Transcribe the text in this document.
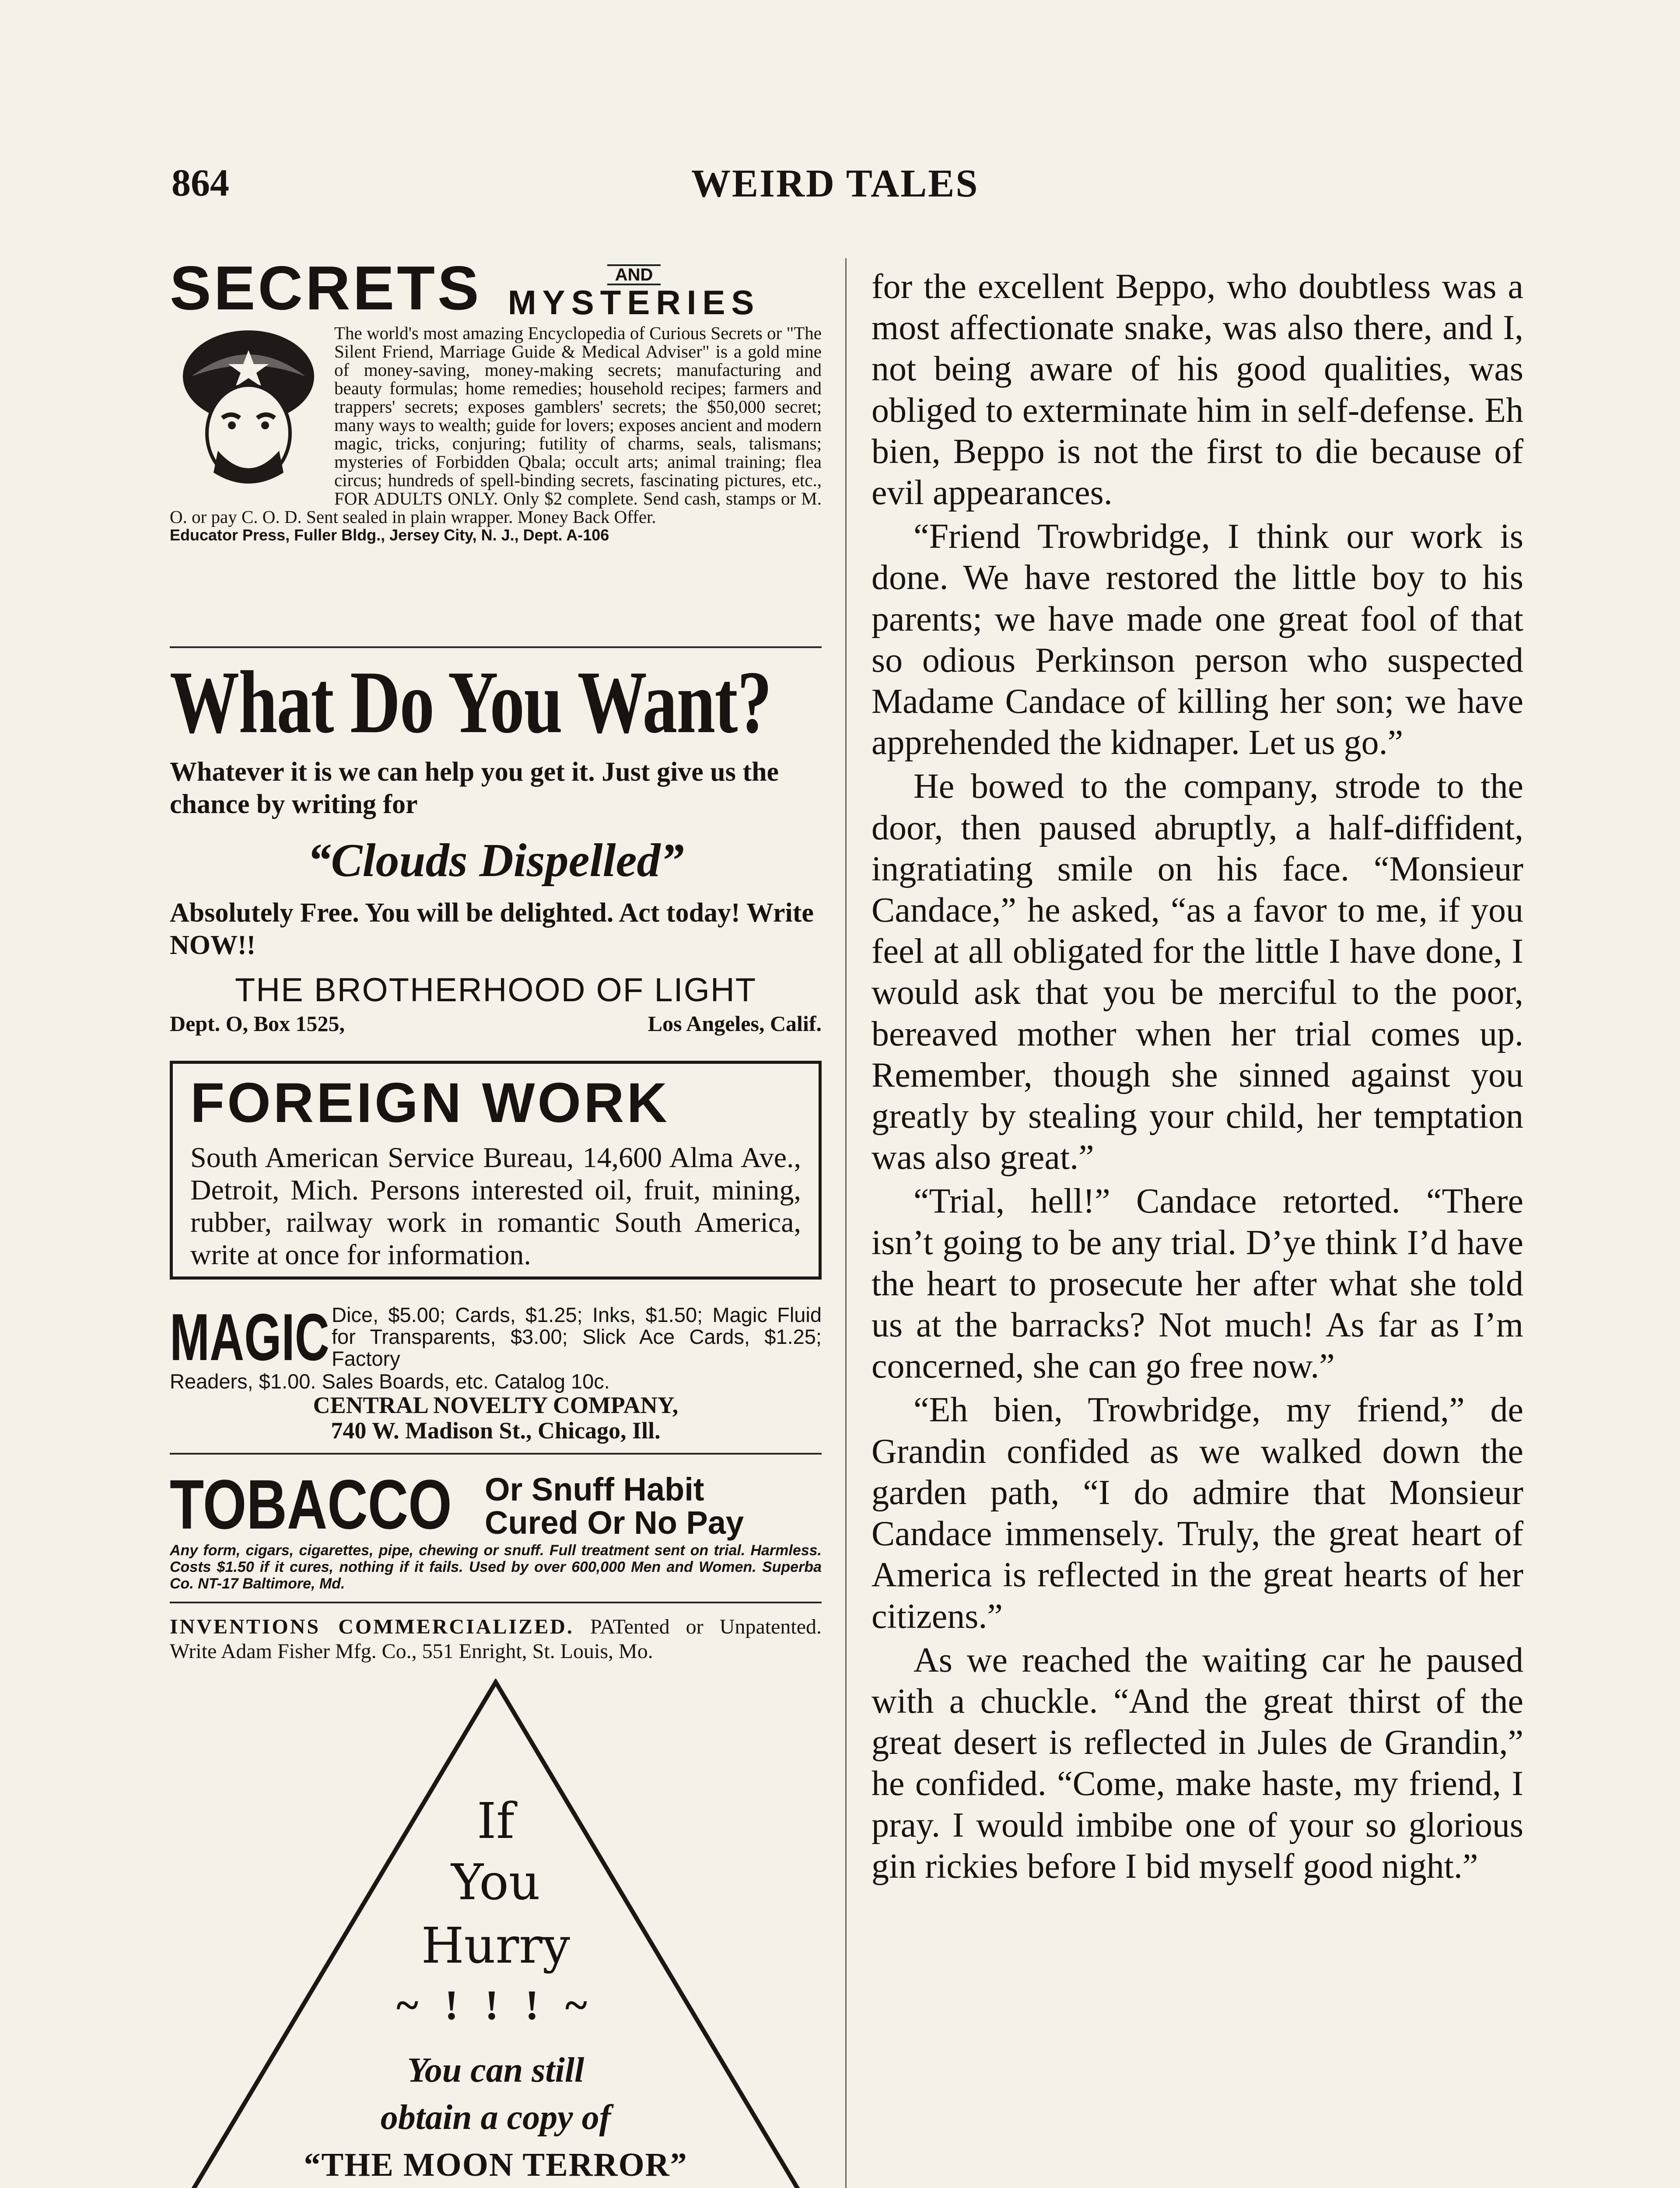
864	WEIRD TALES
SECRETS	AND
MYSTERIES

The world's most amazing Encyclopedia of Curious Secrets or "The Silent Friend, Marriage Guide & Medical Adviser" is a gold mine of money-saving, money-making secrets; manufacturing and beauty formulas; home remedies; household recipes; farmers and trappers' secrets; exposes gamblers' secrets; the $50,000 secret; many ways to wealth; guide for lovers; exposes ancient and modern magic, tricks, conjuring; futility of charms, seals, talismans; mysteries of Forbidden Qbala; occult arts; animal training; flea circus; hundreds of spell-binding secrets, fascinating pictures, etc., FOR ADULTS ONLY. Only $2 complete. Send cash, stamps or M. O. or pay C. O. D. Sent sealed in plain wrapper. Money Back Offer.

Educator Press, Fuller Bldg., Jersey City, N. J., Dept. A-106

What Do You Want?
Whatever it is we can help you get it. Just give us the chance by writing for
“Clouds Dispelled”
Absolutely Free. You will be delighted. Act today! Write NOW!!
THE BROTHERHOOD OF LIGHT
Dept. O, Box 1525,	Los Angeles, Calif.
FOREIGN WORK
South American Service Bureau, 14,600 Alma Ave., Detroit, Mich. Persons interested oil, fruit, mining, rubber, railway work in romantic South America, write at once for information.
MAGIC Dice, $5.00; Cards, $1.25; Inks, $1.50; Magic Fluid for Transparents, $3.00; Slick Ace Cards, $1.25; Factory
Readers, $1.00. Sales Boards, etc. Catalog 10c.
CENTRAL NOVELTY COMPANY,
740 W. Madison St., Chicago, Ill.
TOBACCO Or Snuff Habit
Cured Or No Pay
Any form, cigars, cigarettes, pipe, chewing or snuff. Full treatment sent on trial. Harmless. Costs $1.50 if it cures, nothing if it fails. Used by over 600,000 Men and Women. Superba Co. NT-17 Baltimore, Md.
INVENTIONS COMMERCIALIZED. PATented or Unpatented. Write Adam Fisher Mfg. Co., 551 Enright, St. Louis, Mo.
If
You
Hurry
~ ! ! ! ~
You can still
obtain a copy of
“THE MOON TERROR”

for the excellent Beppo, who doubtless was a most affectionate snake, was also there, and I, not being aware of his good qualities, was obliged to exterminate him in self-defense. Eh bien, Beppo is not the first to die because of evil appearances.

“Friend Trowbridge, I think our work is done. We have restored the little boy to his parents; we have made one great fool of that so odious Perkinson person who suspected Madame Candace of killing her son; we have apprehended the kidnaper. Let us go.”

He bowed to the company, strode to the door, then paused abruptly, a half-diffident, ingratiating smile on his face. “Monsieur Candace,” he asked, “as a favor to me, if you feel at all obligated for the little I have done, I would ask that you be merciful to the poor, bereaved mother when her trial comes up. Remember, though she sinned against you greatly by stealing your child, her temptation was also great.”

“Trial, hell!” Candace retorted. “There isn’t going to be any trial. D’ye think I’d have the heart to prosecute her after what she told us at the barracks? Not much! As far as I’m concerned, she can go free now.”

“Eh bien, Trowbridge, my friend,” de Grandin confided as we walked down the garden path, “I do admire that Monsieur Candace immensely. Truly, the great heart of America is reflected in the great hearts of her citizens.”

As we reached the waiting car he paused with a chuckle. “And the great thirst of the great desert is reflected in Jules de Grandin,” he confided. “Come, make haste, my friend, I pray. I would imbibe one of your so glorious gin rickies before I bid myself good night.”
